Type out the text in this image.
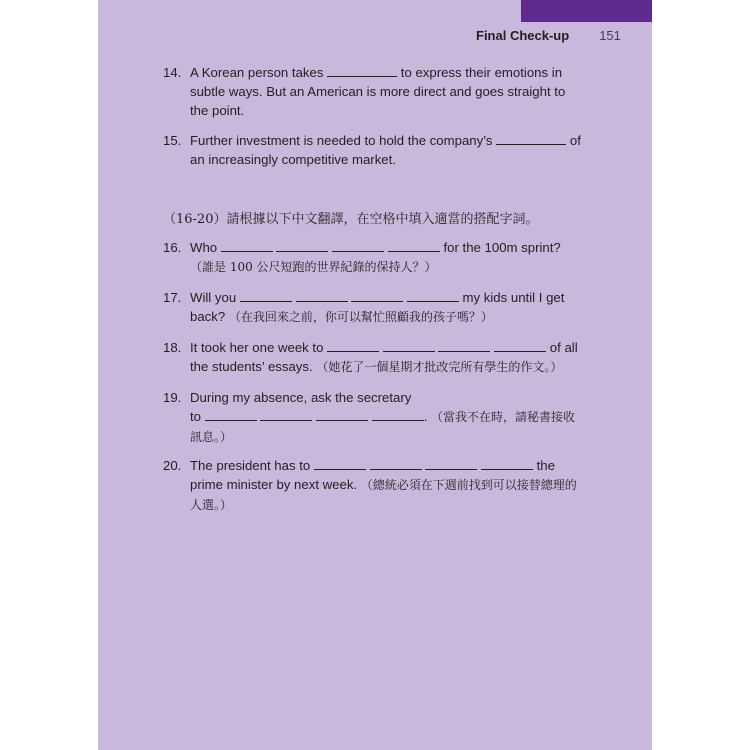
Final Check-up 151
14. A Korean person takes	to express their emotions in
subtle ways. But an American is more direct and goes straight to
the point.
15. Further investment is needed to hold the company’s	of
an increasingly competitive market.
（16-20）請根據以下中文翻譯，在空格中填入適當的搭配字詞。
16. Who	for the 100m sprint?
（誰是 100 公尺短跑的世界紀錄的保持人？）
17. Will you	my kids until I get
back? （在我回來之前，你可以幫忙照顧我的孩子嗎？）
18. It took her one week to	of all
the students’ essays. （她花了一個星期才批改完所有學生的作文。）
19. During my absence, ask the secretary
to	. （當我不在時，請秘書接收
訊息。）
20. The president has to	the
prime minister by next week. （總統必須在下週前找到可以接替總理的
人選。）
